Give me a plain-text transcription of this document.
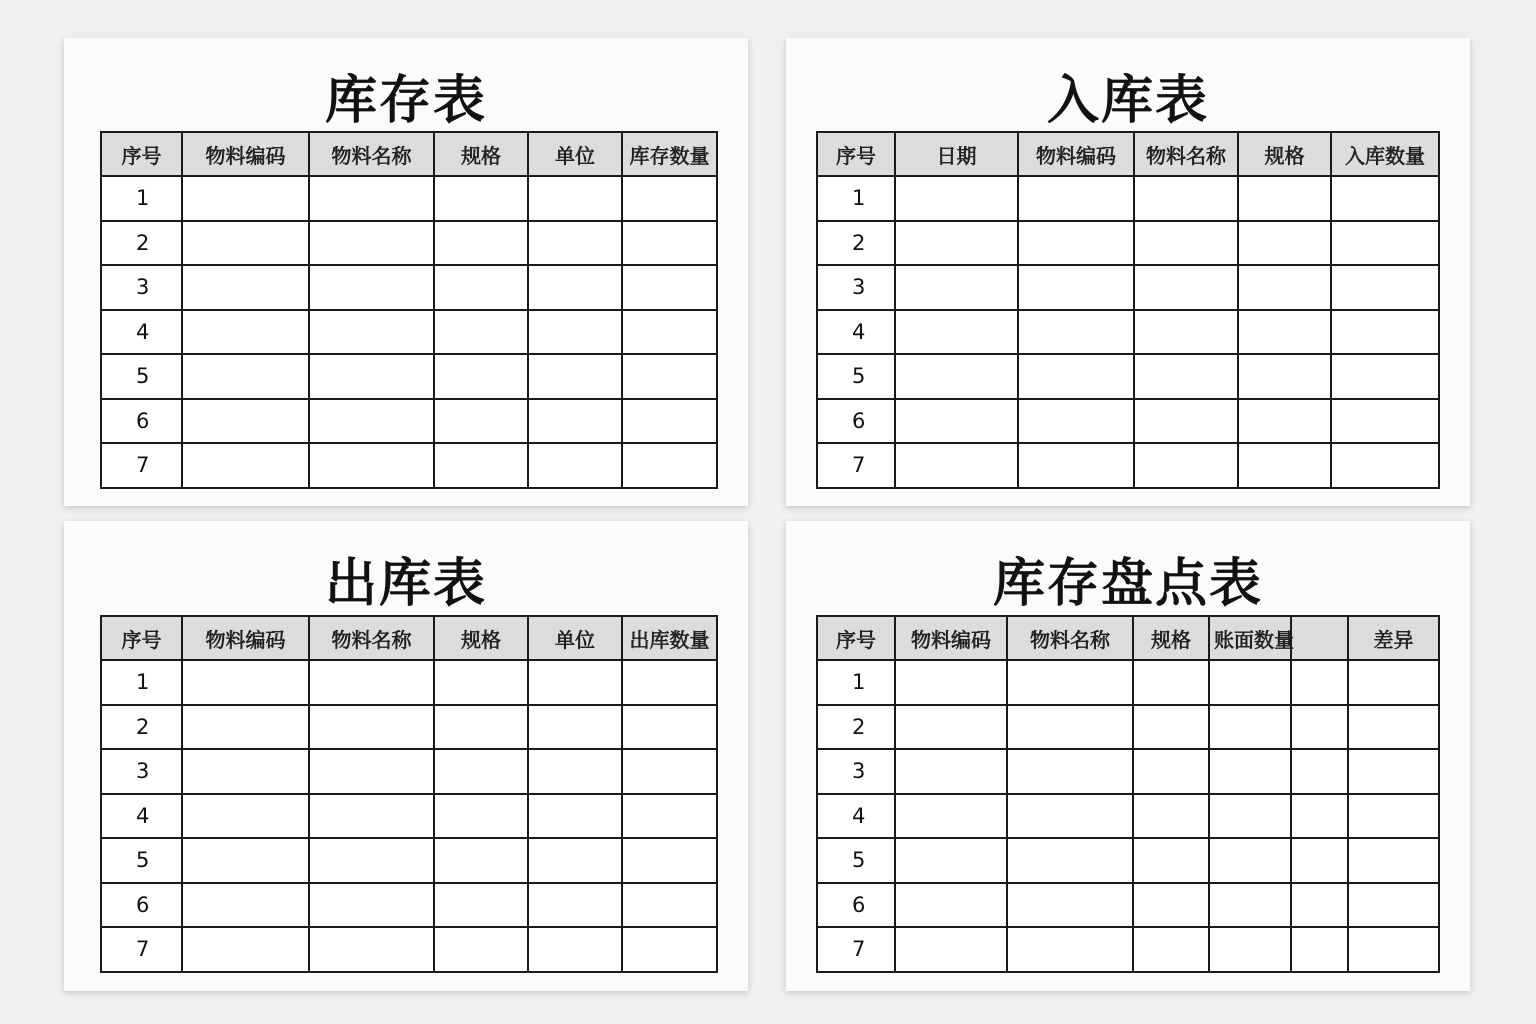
库存表
序号	物料编码	物料名称	规格	单位	库存数量
1					
2					
3					
4					
5					
6					
7					
入库表
序号	日期	物料编码	物料名称	规格	入库数量
1					
2					
3					
4					
5					
6					
7					
出库表
序号	物料编码	物料名称	规格	单位	出库数量
1					
2					
3					
4					
5					
6					
7					
库存盘点表
序号	物料编码	物料名称	规格	账面数量		差异
1						
2						
3						
4						
5						
6						
7						
